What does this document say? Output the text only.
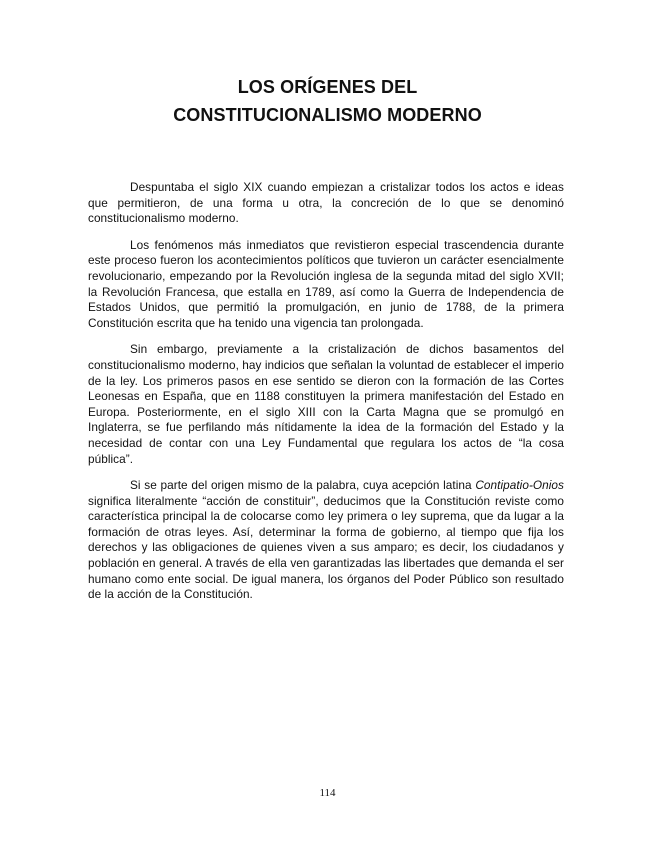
LOS ORÍGENES DEL
CONSTITUCIONALISMO MODERNO

Despuntaba el siglo XIX cuando empiezan a cristalizar todos los actos e ideas que permitieron, de una forma u otra, la concreción de lo que se denominó constitucionalismo moderno.

Los fenómenos más inmediatos que revistieron especial trascendencia durante este proceso fueron los acontecimientos políticos que tuvieron un carácter esencialmente revolucionario, empezando por la Revolución inglesa de la segunda mitad del siglo XVII; la Revolución Francesa, que estalla en 1789, así como la Guerra de Independencia de Estados Unidos, que permitió la promulgación, en junio de 1788, de la primera Constitución escrita que ha tenido una vigencia tan prolongada.

Sin embargo, previamente a la cristalización de dichos basamentos del constitucionalismo moderno, hay indicios que señalan la voluntad de establecer el imperio de la ley. Los primeros pasos en ese sentido se dieron con la formación de las Cortes Leonesas en España, que en 1188 constituyen la primera manifestación del Estado en Europa. Posteriormente, en el siglo XIII con la Carta Magna que se promulgó en Inglaterra, se fue perfilando más nítidamente la idea de la formación del Estado y la necesidad de contar con una Ley Fundamental que regulara los actos de “la cosa pública”.

Si se parte del origen mismo de la palabra, cuya acepción latina Contipatio-Onios significa literalmente “acción de constituir”, deducimos que la Constitución reviste como característica principal la de colocarse como ley primera o ley suprema, que da lugar a la formación de otras leyes. Así, determinar la forma de gobierno, al tiempo que fija los derechos y las obligaciones de quienes viven a sus amparo; es decir, los ciudadanos y población en general. A través de ella ven garantizadas las libertades que demanda el ser humano como ente social. De igual manera, los órganos del Poder Público son resultado de la acción de la Constitución.

114
